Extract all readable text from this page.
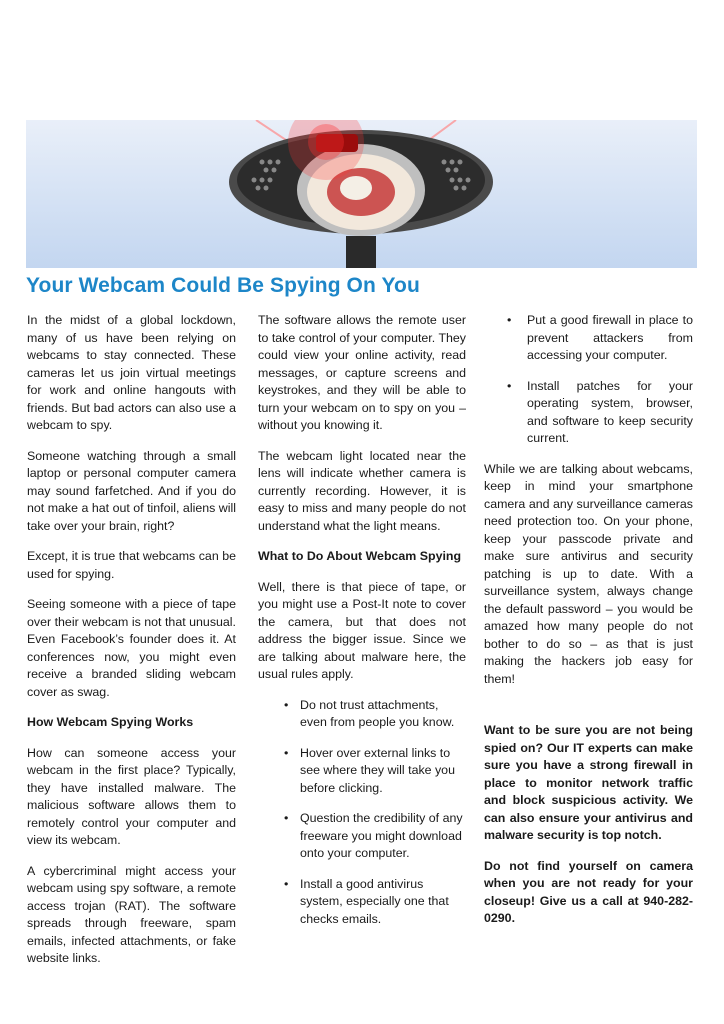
Your Webcam Could Be Spying On You

In the midst of a global lockdown, many of us have been relying on webcams to stay connected. These cameras let us join virtual meetings for work and online hangouts with friends. But bad actors can also use a webcam to spy.

Someone watching through a small laptop or personal computer camera may sound farfetched. And if you do not make a hat out of tinfoil, aliens will take over your brain, right?

Except, it is true that webcams can be used for spying.

Seeing someone with a piece of tape over their webcam is not that unusual. Even Facebook’s founder does it. At conferences now, you might even receive a branded sliding webcam cover as swag.

How Webcam Spying Works

How can someone access your webcam in the first place? Typically, they have installed malware. The malicious software allows them to remotely control your computer and view its webcam.

A cybercriminal might access your webcam using spy software, a remote access trojan (RAT). The software spreads through freeware, spam emails, infected attachments, or fake website links.

The software allows the remote user to take control of your computer. They could view your online activity, read messages, or capture screens and keystrokes, and they will be able to turn your webcam on to spy on you – without you knowing it.

The webcam light located near the lens will indicate whether camera is currently recording. However, it is easy to miss and many people do not understand what the light means.

What to Do About Webcam Spying

Well, there is that piece of tape, or you might use a Post-It note to cover the camera, but that does not address the bigger issue. Since we are talking about malware here, the usual rules apply.

• Do not trust attachments, even from people you know.
• Hover over external links to see where they will take you before clicking.
• Question the credibility of any freeware you might download onto your computer.
• Install a good antivirus system, especially one that checks emails.
• Put a good firewall in place to prevent attackers from accessing your computer.
• Install patches for your operating system, browser, and software to keep security current.

While we are talking about webcams, keep in mind your smartphone camera and any surveillance cameras need protection too. On your phone, keep your passcode private and make sure antivirus and security patching is up to date. With a surveillance system, always change the default password – you would be amazed how many people do not bother to do so – as that is just making the hackers job easy for them!

Want to be sure you are not being spied on? Our IT experts can make sure you have a strong firewall in place to monitor network traffic and block suspicious activity. We can also ensure your antivirus and malware security is top notch.

Do not find yourself on camera when you are not ready for your closeup! Give us a call at 940-282-0290.
